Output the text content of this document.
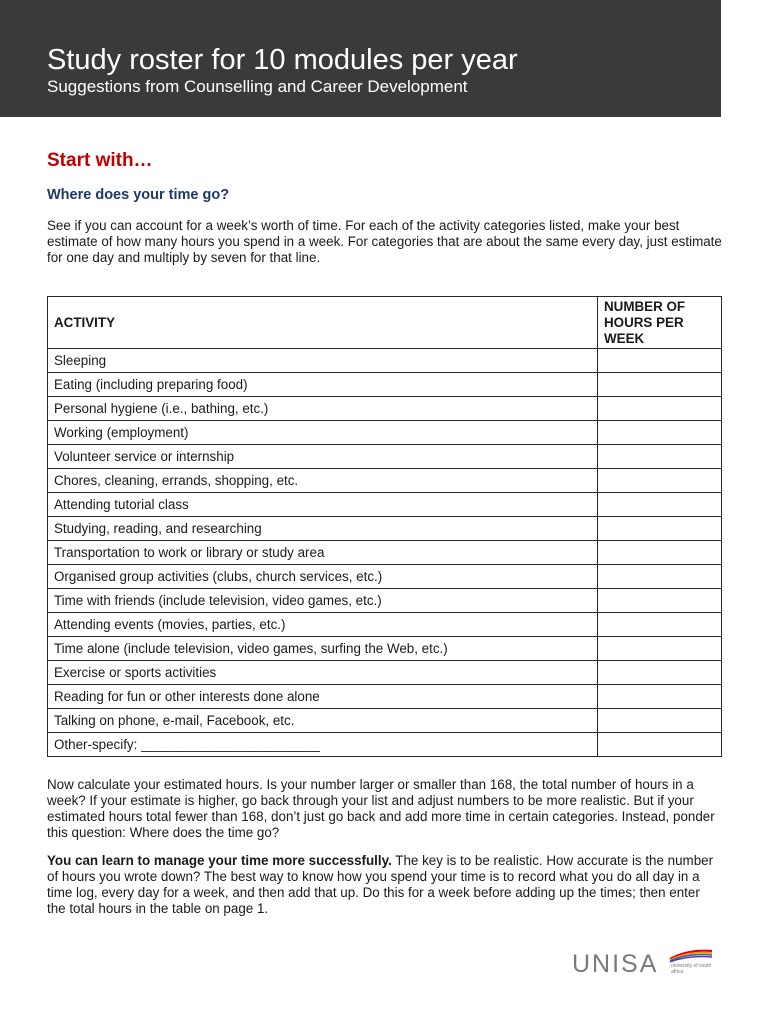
Study roster for 10 modules per year

Suggestions from Counselling and Career Development

Start with…
Where does your time go?

See if you can account for a week’s worth of time. For each of the activity categories listed, make your best estimate of how many hours you spend in a week. For categories that are about the same every day, just estimate for one day and multiply by seven for that line.

ACTIVITY	NUMBER OF HOURS PER WEEK
Sleeping	
Eating (including preparing food)	
Personal hygiene (i.e., bathing, etc.)	
Working (employment)	
Volunteer service or internship	
Chores, cleaning, errands, shopping, etc.	
Attending tutorial class	
Studying, reading, and researching	
Transportation to work or library or study area	
Organised group activities (clubs, church services, etc.)	
Time with friends (include television, video games, etc.)	
Attending events (movies, parties, etc.)	
Time alone (include television, video games, surfing the Web, etc.)	
Exercise or sports activities	
Reading for fun or other interests done alone	
Talking on phone, e-mail, Facebook, etc.	
Other-specify: ________________________	

Now calculate your estimated hours. Is your number larger or smaller than 168, the total number of hours in a week? If your estimate is higher, go back through your list and adjust numbers to be more realistic. But if your estimated hours total fewer than 168, don’t just go back and add more time in certain categories. Instead, ponder this question: Where does the time go?

You can learn to manage your time more successfully. The key is to be realistic. How accurate is the number of hours you wrote down? The best way to know how you spend your time is to record what you do all day in a time log, every day for a week, and then add that up. Do this for a week before adding up the times; then enter the total hours in the table on page 1.

UNISA	university of south africa
